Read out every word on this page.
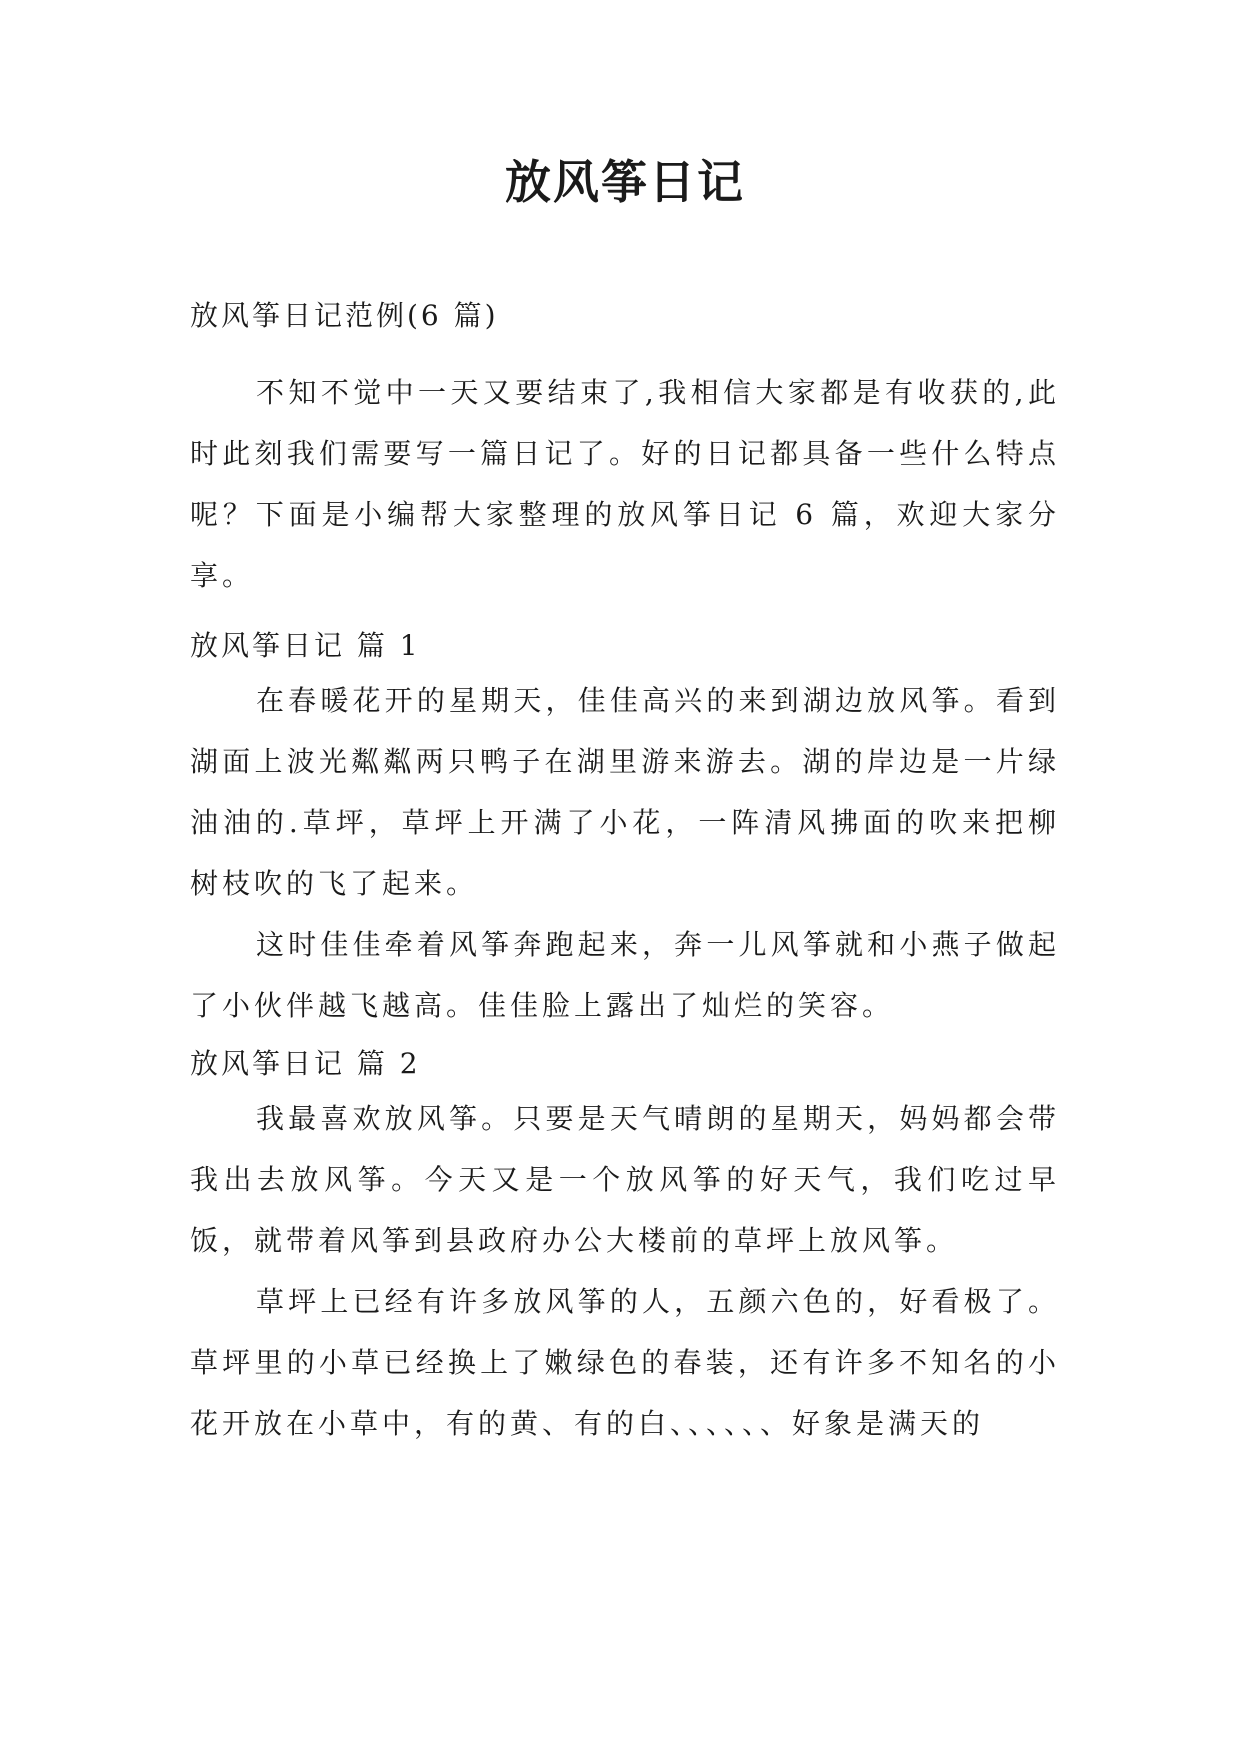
放风筝日记

放风筝日记范例(6 篇)

不知不觉中一天又要结束了,我相信大家都是有收获的,此时此刻我们需要写一篇日记了。好的日记都具备一些什么特点呢？下面是小编帮大家整理的放风筝日记 6 篇，欢迎大家分享。

放风筝日记 篇 1

在春暖花开的星期天，佳佳高兴的来到湖边放风筝。看到湖面上波光粼粼两只鸭子在湖里游来游去。湖的岸边是一片绿油油的.草坪，草坪上开满了小花，一阵清风拂面的吹来把柳树枝吹的飞了起来。

这时佳佳牵着风筝奔跑起来，奔一儿风筝就和小燕子做起了小伙伴越飞越高。佳佳脸上露出了灿烂的笑容。

放风筝日记 篇 2

我最喜欢放风筝。只要是天气晴朗的星期天，妈妈都会带我出去放风筝。今天又是一个放风筝的好天气，我们吃过早饭，就带着风筝到县政府办公大楼前的草坪上放风筝。

草坪上已经有许多放风筝的人，五颜六色的，好看极了。草坪里的小草已经换上了嫩绿色的春装，还有许多不知名的小花开放在小草中，有的黄、有的白、、、、、、好象是满天的
